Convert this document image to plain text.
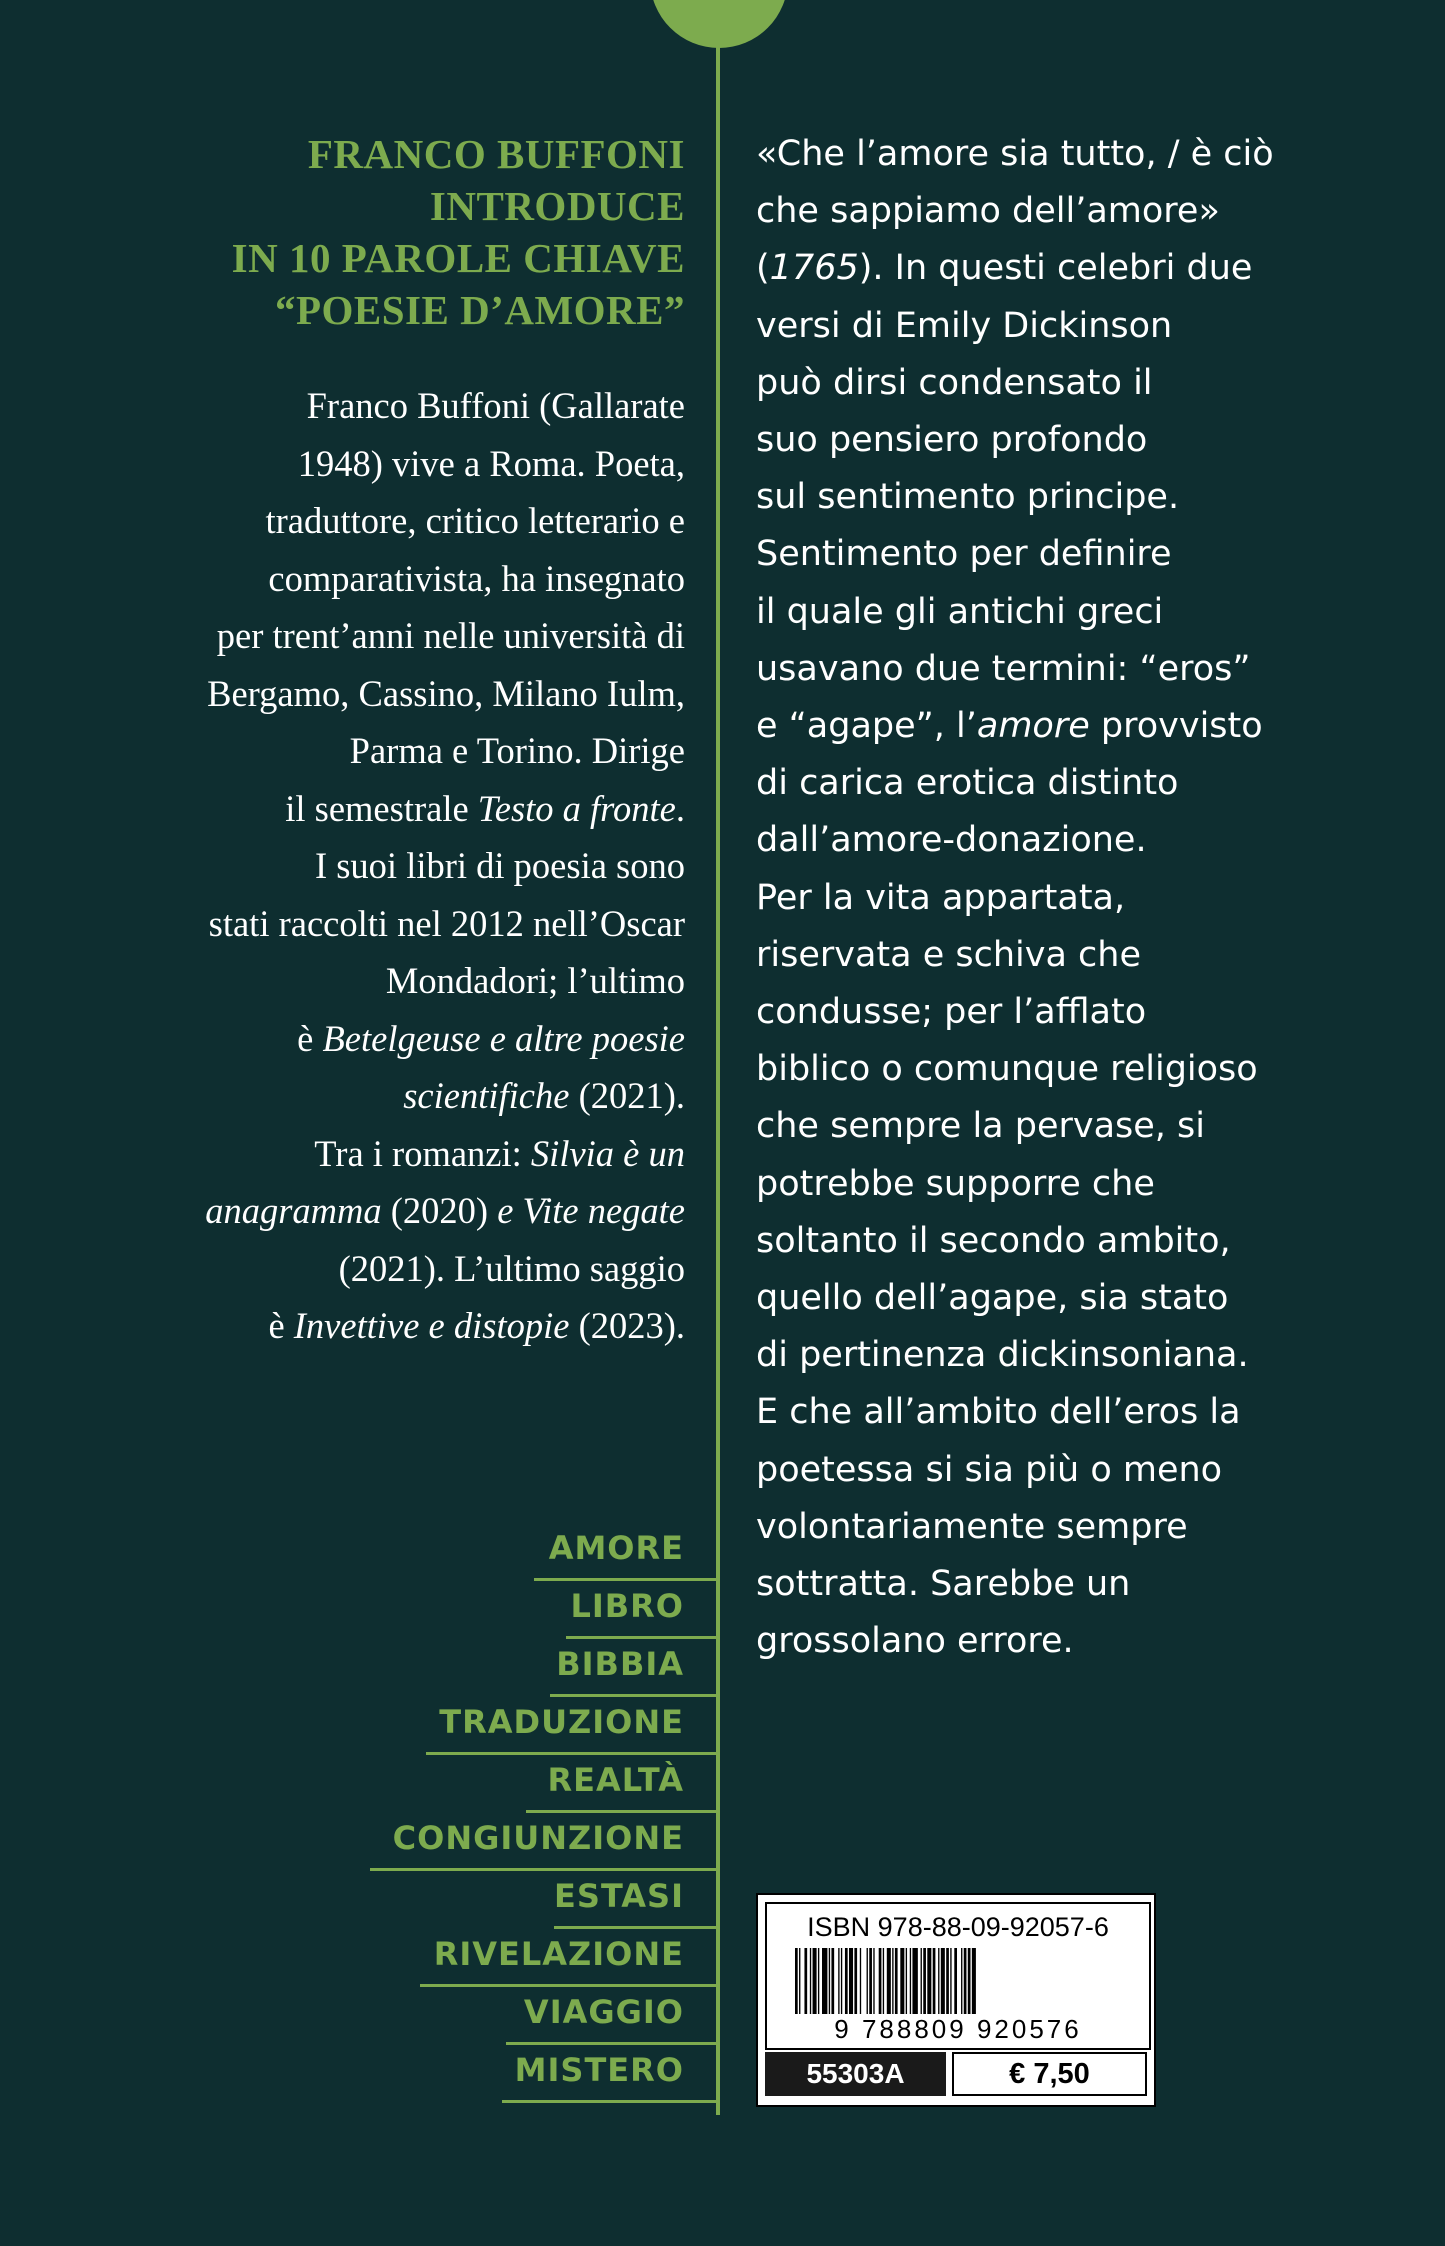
FRANCO BUFFONI
INTRODUCE
IN 10 PAROLE CHIAVE
“POESIE D’AMORE”
Franco Buffoni (Gallarate
1948) vive a Roma. Poeta,
traduttore, critico letterario e
comparativista, ha insegnato
per trent’anni nelle università di
Bergamo, Cassino, Milano Iulm,
Parma e Torino. Dirige
il semestrale Testo a fronte.
I suoi libri di poesia sono
stati raccolti nel 2012 nell’Oscar
Mondadori; l’ultimo
è Betelgeuse e altre poesie
scientifiche (2021).
Tra i romanzi: Silvia è un
anagramma (2020) e Vite negate
(2021). L’ultimo saggio
è Invettive e distopie (2023).
«Che l’amore sia tutto, / è ciò
che sappiamo dell’amore»
(1765). In questi celebri due
versi di Emily Dickinson
può dirsi condensato il
suo pensiero profondo
sul sentimento principe.
Sentimento per definire
il quale gli antichi greci
usavano due termini: “eros”
e “agape”, l’amore provvisto
di carica erotica distinto
dall’amore-donazione.
Per la vita appartata,
riservata e schiva che
condusse; per l’afflato
biblico o comunque religioso
che sempre la pervase, si
potrebbe supporre che
soltanto il secondo ambito,
quello dell’agape, sia stato
di pertinenza dickinsoniana.
E che all’ambito dell’eros la
poetessa si sia più o meno
volontariamente sempre
sottratta. Sarebbe un
grossolano errore.
AMORE
LIBRO
BIBBIA
TRADUZIONE
REALTÀ
CONGIUNZIONE
ESTASI
RIVELAZIONE
VIAGGIO
MISTERO
ISBN 978-88-09-92057-6
9 788809 920576
55303A	€ 7,50
